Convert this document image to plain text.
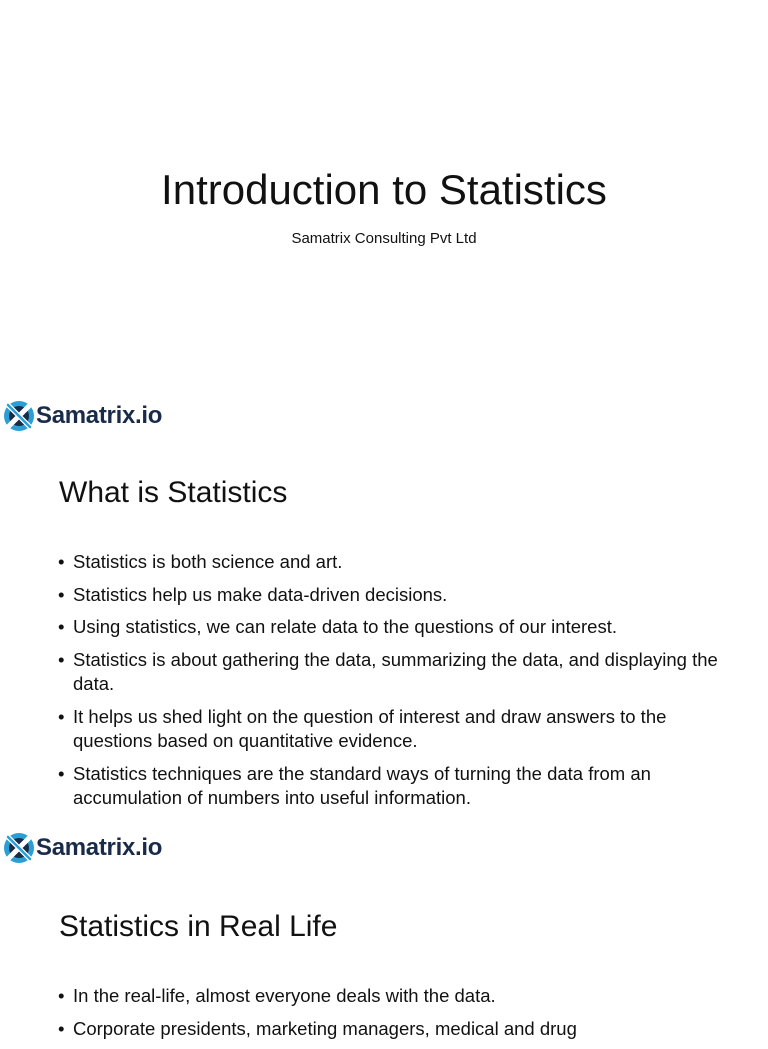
Introduction to Statistics
Samatrix Consulting Pvt Ltd
Samatrix.io
What is Statistics
• Statistics is both science and art.
• Statistics help us make data-driven decisions.
• Using statistics, we can relate data to the questions of our interest.
• Statistics is about gathering the data, summarizing the data, and displaying the data.
• It helps us shed light on the question of interest and draw answers to the questions based on quantitative evidence.
• Statistics techniques are the standard ways of turning the data from an accumulation of numbers into useful information.
Samatrix.io
Statistics in Real Life
• In the real-life, almost everyone deals with the data.
• Corporate presidents, marketing managers, medical and drug
